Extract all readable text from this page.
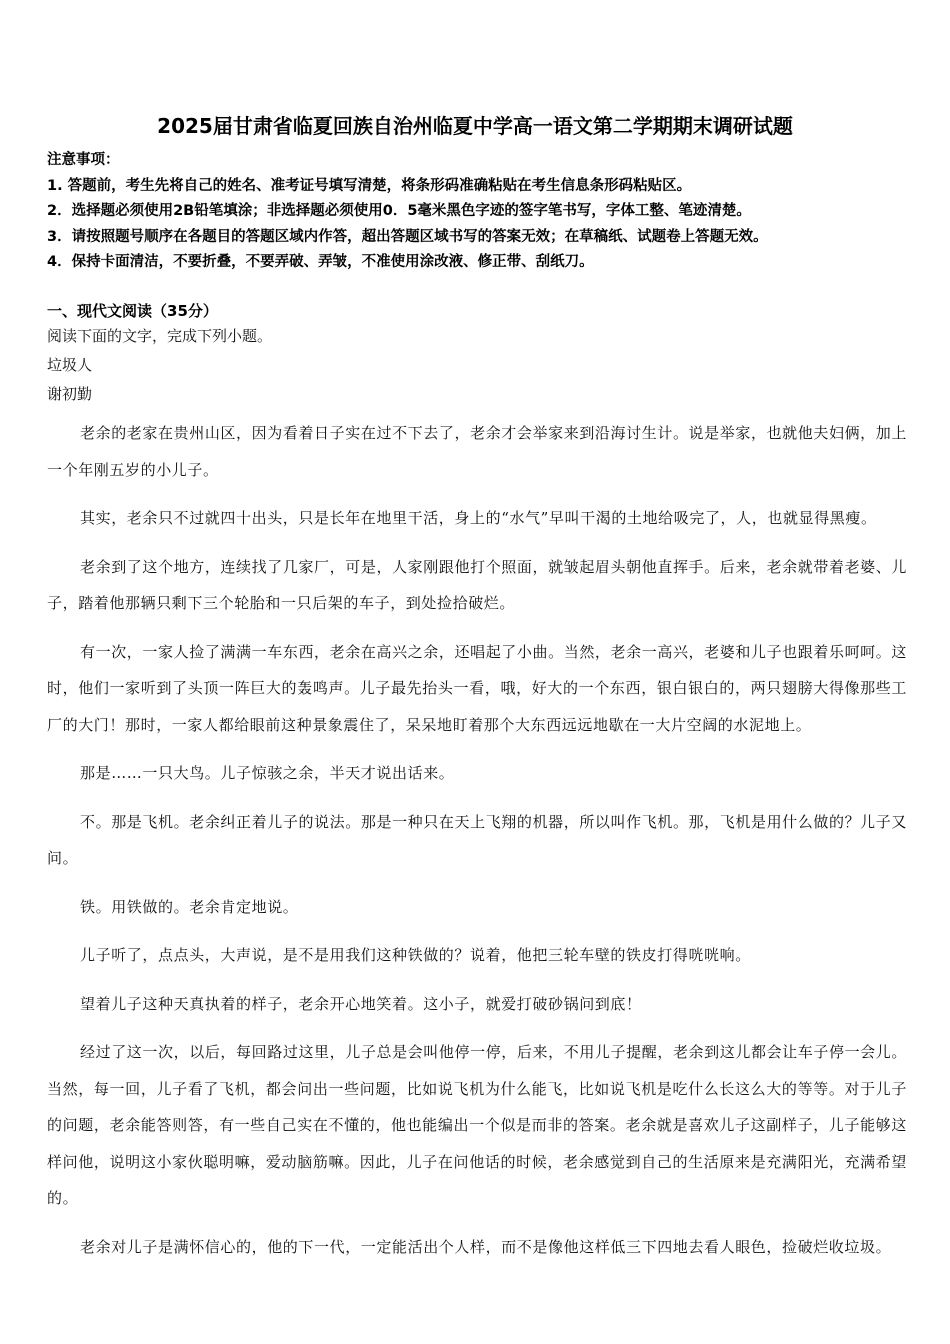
2025届甘肃省临夏回族自治州临夏中学高一语文第二学期期末调研试题
注意事项：
1. 答题前，考生先将自己的姓名、准考证号填写清楚，将条形码准确粘贴在考生信息条形码粘贴区。
2．选择题必须使用2B铅笔填涂；非选择题必须使用0．5毫米黑色字迹的签字笔书写，字体工整、笔迹清楚。
3．请按照题号顺序在各题目的答题区域内作答，超出答题区域书写的答案无效；在草稿纸、试题卷上答题无效。
4．保持卡面清洁，不要折叠，不要弄破、弄皱，不准使用涂改液、修正带、刮纸刀。
一、现代文阅读（35分）
阅读下面的文字，完成下列小题。
垃圾人
谢初勤

老余的老家在贵州山区，因为看着日子实在过不下去了，老余才会举家来到沿海讨生计。说是举家，也就他夫妇俩，加上一个年刚五岁的小儿子。

其实，老余只不过就四十出头，只是长年在地里干活，身上的“水气”早叫干渴的土地给吸完了，人，也就显得黑瘦。

老余到了这个地方，连续找了几家厂，可是，人家刚跟他打个照面，就皱起眉头朝他直挥手。后来，老余就带着老婆、儿子，踏着他那辆只剩下三个轮胎和一只后架的车子，到处捡拾破烂。

有一次，一家人捡了满满一车东西，老余在高兴之余，还唱起了小曲。当然，老余一高兴，老婆和儿子也跟着乐呵呵。这时，他们一家听到了头顶一阵巨大的轰鸣声。儿子最先抬头一看，哦，好大的一个东西，银白银白的，两只翅膀大得像那些工厂的大门！那时，一家人都给眼前这种景象震住了，呆呆地盯着那个大东西远远地歇在一大片空阔的水泥地上。

那是……一只大鸟。儿子惊骇之余，半天才说出话来。

不。那是飞机。老余纠正着儿子的说法。那是一种只在天上飞翔的机器，所以叫作飞机。那，飞机是用什么做的？儿子又问。

铁。用铁做的。老余肯定地说。

儿子听了，点点头，大声说，是不是用我们这种铁做的？说着，他把三轮车壁的铁皮打得咣咣响。

望着儿子这种天真执着的样子，老余开心地笑着。这小子，就爱打破砂锅问到底！

经过了这一次，以后，每回路过这里，儿子总是会叫他停一停，后来，不用儿子提醒，老余到这儿都会让车子停一会儿。当然，每一回，儿子看了飞机，都会问出一些问题，比如说飞机为什么能飞，比如说飞机是吃什么长这么大的等等。对于儿子的问题，老余能答则答，有一些自己实在不懂的，他也能编出一个似是而非的答案。老余就是喜欢儿子这副样子，儿子能够这样问他，说明这小家伙聪明嘛，爱动脑筋嘛。因此，儿子在问他话的时候，老余感觉到自己的生活原来是充满阳光，充满希望的。

老余对儿子是满怀信心的，他的下一代，一定能活出个人样，而不是像他这样低三下四地去看人眼色，捡破烂收垃圾。
